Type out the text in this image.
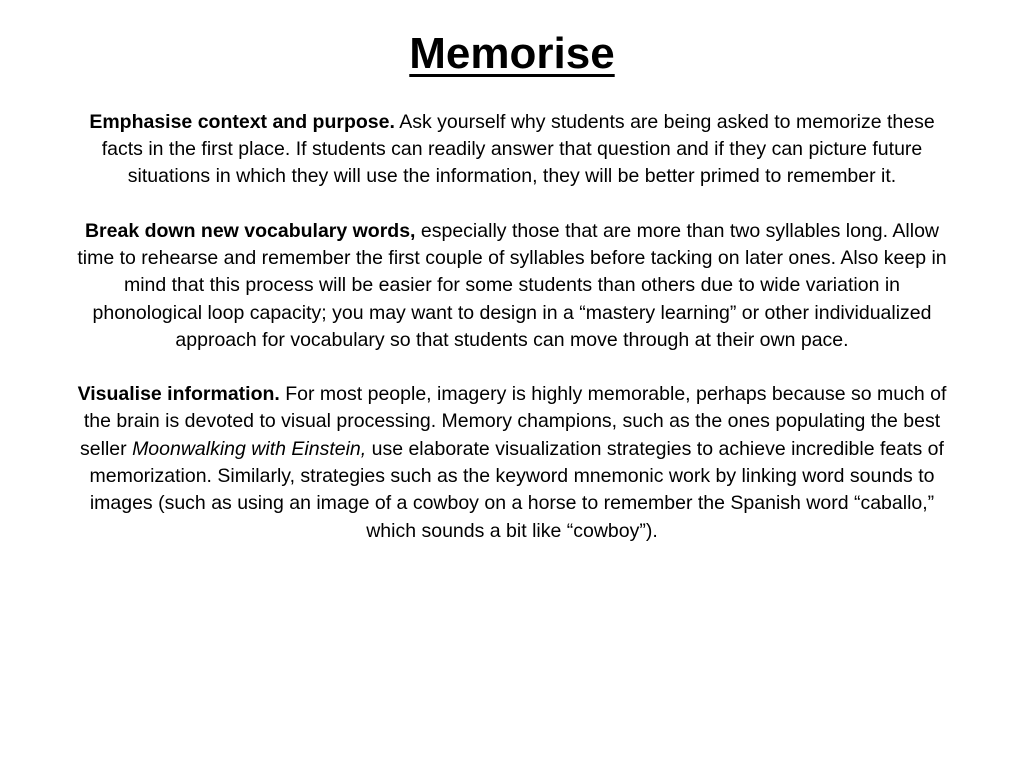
Memorise

Emphasise context and purpose. Ask yourself why students are being asked to memorize these facts in the first place. If students can readily answer that question and if they can picture future situations in which they will use the information, they will be better primed to remember it.

Break down new vocabulary words, especially those that are more than two syllables long. Allow time to rehearse and remember the first couple of syllables before tacking on later ones. Also keep in mind that this process will be easier for some students than others due to wide variation in phonological loop capacity; you may want to design in a “mastery learning” or other individualized approach for vocabulary so that students can move through at their own pace.

Visualise information. For most people, imagery is highly memorable, perhaps because so much of the brain is devoted to visual processing. Memory champions, such as the ones populating the best seller Moonwalking with Einstein, use elaborate visualization strategies to achieve incredible feats of memorization. Similarly, strategies such as the keyword mnemonic work by linking word sounds to images (such as using an image of a cowboy on a horse to remember the Spanish word “caballo,” which sounds a bit like “cowboy”).
